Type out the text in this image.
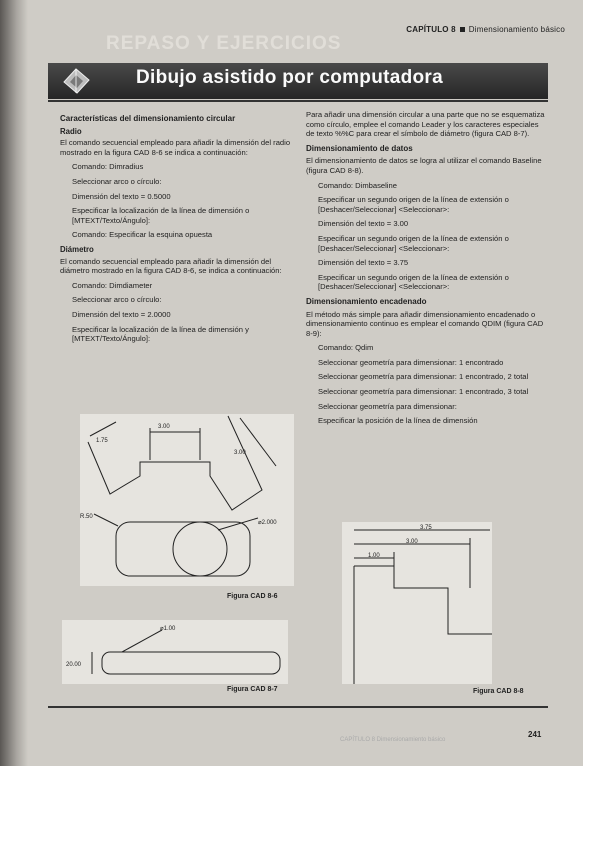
CAPÍTULO 8 Dimensionamiento básico
REPASO Y EJERCICIOS
Dibujo asistido por computadora
Características del dimensionamiento circular
Radio

El comando secuencial empleado para añadir la dimensión del radio mostrado en la figura CAD 8-6 se indica a continuación:

Comando: Dimradius

Seleccionar arco o círculo:

Dimensión del texto = 0.5000

Especificar la localización de la línea de dimensión o [MTEXT/Texto/Ángulo]:

Comando: Especificar la esquina opuesta

Diámetro

El comando secuencial empleado para añadir la dimensión del diámetro mostrado en la figura CAD 8-6, se indica a continuación:

Comando: Dimdiameter

Seleccionar arco o círculo:

Dimensión del texto = 2.0000

Especificar la localización de la línea de dimensión y [MTEXT/Texto/Ángulo]:

Para añadir una dimensión circular a una parte que no se esquematiza como círculo, emplee el comando Leader y los caracteres especiales de texto %%C para crear el símbolo de diámetro (figura CAD 8-7).

Dimensionamiento de datos

El dimensionamiento de datos se logra al utilizar el comando Baseline (figura CAD 8-8).

Comando: Dimbaseline

Especificar un segundo origen de la línea de extensión o [Deshacer/Seleccionar] <Seleccionar>:

Dimensión del texto = 3.00

Especificar un segundo origen de la línea de extensión o [Deshacer/Seleccionar] <Seleccionar>:

Dimensión del texto = 3.75

Especificar un segundo origen de la línea de extensión o [Deshacer/Seleccionar] <Seleccionar>:

Dimensionamiento encadenado

El método más simple para añadir dimensionamiento encadenado o dimensionamiento continuo es emplear el comando QDIM (figura CAD 8-9):

Comando: Qdim

Seleccionar geometría para dimensionar: 1 encontrado

Seleccionar geometría para dimensionar: 1 encontrado, 2 total

Seleccionar geometría para dimensionar: 1 encontrado, 3 total

Seleccionar geometría para dimensionar:

Especificar la posición de la línea de dimensión

3.00
1.75
3.00
R.50
⌀2.000
Figura CAD 8-6
⌀1.00
20.00
Figura CAD 8-7
3.75
3.00
1.00
Figura CAD 8-8
241
CAPÍTULO 8 Dimensionamiento básico
